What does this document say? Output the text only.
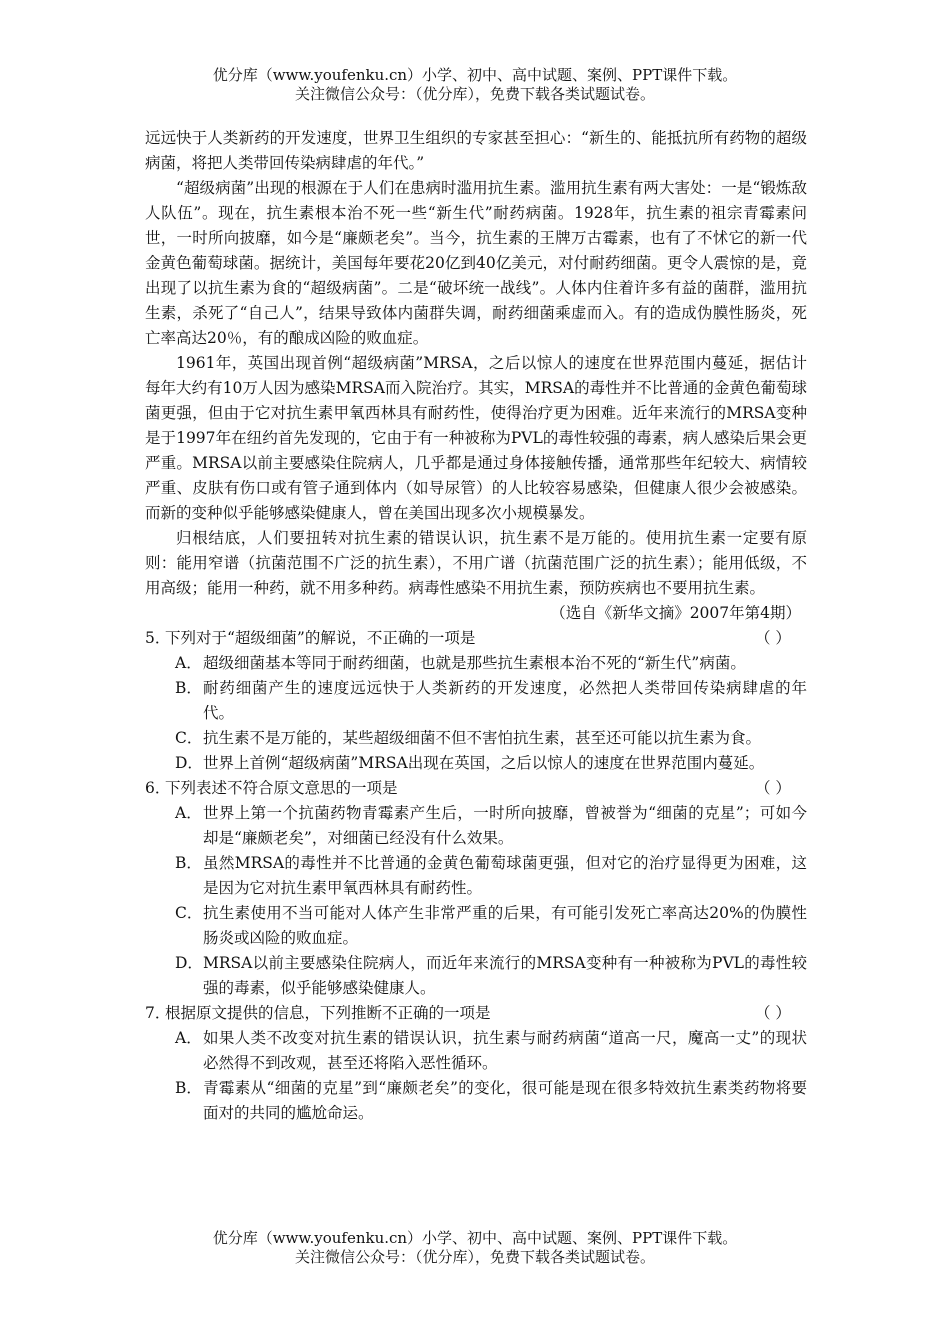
优分库（www.youfenku.cn）小学、初中、高中试题、案例、PPT课件下载。
关注微信公众号：（优分库），免费下载各类试题试卷。

远远快于人类新药的开发速度，世界卫生组织的专家甚至担心：“新生的、能抵抗所有药物的超级病菌，将把人类带回传染病肆虐的年代。”

“超级病菌”出现的根源在于人们在患病时滥用抗生素。滥用抗生素有两大害处：一是“锻炼敌人队伍”。现在，抗生素根本治不死一些“新生代”耐药病菌。1928年，抗生素的祖宗青霉素问世，一时所向披靡，如今是“廉颇老矣”。当今，抗生素的王牌万古霉素，也有了不怵它的新一代金黄色葡萄球菌。据统计，美国每年要花20亿到40亿美元，对付耐药细菌。更令人震惊的是，竟出现了以抗生素为食的“超级病菌”。二是“破坏统一战线”。人体内住着许多有益的菌群，滥用抗生素，杀死了“自己人”，结果导致体内菌群失调，耐药细菌乘虚而入。有的造成伪膜性肠炎，死亡率高达20％，有的酿成凶险的败血症。

1961年，英国出现首例“超级病菌”MRSA，之后以惊人的速度在世界范围内蔓延，据估计每年大约有10万人因为感染MRSA而入院治疗。其实，MRSA的毒性并不比普通的金黄色葡萄球菌更强，但由于它对抗生素甲氧西林具有耐药性，使得治疗更为困难。近年来流行的MRSA变种是于1997年在纽约首先发现的，它由于有一种被称为PVL的毒性较强的毒素，病人感染后果会更严重。MRSA以前主要感染住院病人，几乎都是通过身体接触传播，通常那些年纪较大、病情较严重、皮肤有伤口或有管子通到体内（如导尿管）的人比较容易感染，但健康人很少会被感染。而新的变种似乎能够感染健康人，曾在美国出现多次小规模暴发。

归根结底，人们要扭转对抗生素的错误认识，抗生素不是万能的。使用抗生素一定要有原则：能用窄谱（抗菌范围不广泛的抗生素），不用广谱（抗菌范围广泛的抗生素）；能用低级，不用高级；能用一种药，就不用多种药。病毒性感染不用抗生素，预防疾病也不要用抗生素。

（选自《新华文摘》2007年第4期）

5．
下列对于“超级细菌”的解说，不正确的一项是	（ ）
A． 超级细菌基本等同于耐药细菌，也就是那些抗生素根本治不死的“新生代”病菌。
B． 耐药细菌产生的速度远远快于人类新药的开发速度，必然把人类带回传染病肆虐的年代。
C． 抗生素不是万能的，某些超级细菌不但不害怕抗生素，甚至还可能以抗生素为食。
D． 世界上首例“超级病菌”MRSA出现在英国，之后以惊人的速度在世界范围内蔓延。
6．
下列表述不符合原文意思的一项是	（ ）
A． 世界上第一个抗菌药物青霉素产生后，一时所向披靡，曾被誉为“细菌的克星”；可如今却是“廉颇老矣”，对细菌已经没有什么效果。
B． 虽然MRSA的毒性并不比普通的金黄色葡萄球菌更强，但对它的治疗显得更为困难，这是因为它对抗生素甲氧西林具有耐药性。
C． 抗生素使用不当可能对人体产生非常严重的后果，有可能引发死亡率高达20%的伪膜性肠炎或凶险的败血症。
D． MRSA以前主要感染住院病人，而近年来流行的MRSA变种有一种被称为PVL的毒性较强的毒素，似乎能够感染健康人。
7．
根据原文提供的信息，下列推断不正确的一项是	（ ）
A． 如果人类不改变对抗生素的错误认识，抗生素与耐药病菌“道高一尺，魔高一丈”的现状必然得不到改观，甚至还将陷入恶性循环。
B． 青霉素从“细菌的克星”到“廉颇老矣”的变化，很可能是现在很多特效抗生素类药物将要面对的共同的尴尬命运。
优分库（www.youfenku.cn）小学、初中、高中试题、案例、PPT课件下载。
关注微信公众号：（优分库），免费下载各类试题试卷。
